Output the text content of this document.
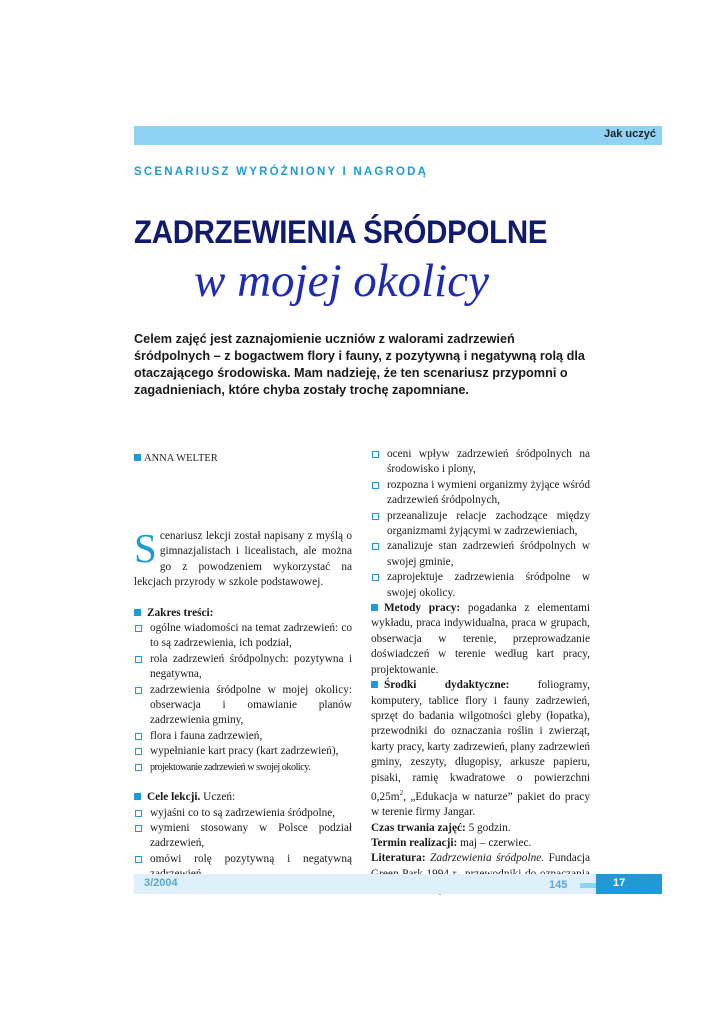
Jak uczyć
SCENARIUSZ WYRÓŻNIONY I NAGRODĄ
ZADRZEWIENIA ŚRÓDPOLNE
w mojej okolicy
Celem zajęć jest zaznajomienie uczniów z walorami zadrzewień śródpolnych – z bogactwem flory i fauny, z pozytywną i negatywną rolą dla otaczającego środowiska. Mam nadzieję, że ten scenariusz przypomni o zagadnieniach, które chyba zostały trochę zapomniane.
ANNA WELTER

Scenariusz lekcji został napisany z myślą o gimnazjalistach i licealistach, ale można go z powodzeniem wykorzystać na lekcjach przyrody w szkole podstawowej.

Zakres treści:

ogólne wiadomości na temat zadrzewień: co to są zadrzewienia, ich podział,

rola zadrzewień śródpolnych: pozytywna i negatywna,

zadrzewienia śródpolne w mojej okolicy: obserwacja i omawianie planów zadrzewienia gminy,

flora i fauna zadrzewień,

wypełnianie kart pracy (kart zadrzewień),

projektowanie zadrzewień w swojej okolicy.

Cele lekcji. Uczeń:

wyjaśni co to są zadrzewienia śródpolne,

wymieni stosowany w Polsce podział zadrzewień,

omówi rolę pozytywną i negatywną

oceni wpływ zadrzewień śródpolnych na środowisko i plony,

rozpozna i wymieni organizmy żyjące wśród zadrzewień śródpolnych,

przeanalizuje relacje zachodzące między organizmami żyjącymi w zadrzewieniach,

zanalizuje stan zadrzewień śródpolnych w swojej gminie,

zaprojektuje zadrzewienia śródpolne w swojej okolicy.

Metody pracy: pogadanka z elementami wykładu, praca indywidualna, praca w grupach, obserwacja w terenie, przeprowadzanie doświadczeń w terenie według kart pracy, projektowanie.

Środki dydaktyczne:	foliogramy, komputery, tablice flory i fauny zadrzewień, sprzęt do badania wilgotności gleby (łopatka), przewodniki do oznaczania roślin i zwierząt, karty pracy, karty zadrzewień, plany zadrzewień gminy, zeszyty, długopisy, arkusze papieru, pisaki, ramię kwadratowe o powierzchni $0,25m^2$, „Edukacja w naturze” pakiet do pracy w terenie firmy Jangar.

Czas trwania zajęć: 5 godzin.

Termin realizacji: maj – czerwiec.

Literatura: Zadrzewienia śródpolne. Fundacja

3/2004	145	17
